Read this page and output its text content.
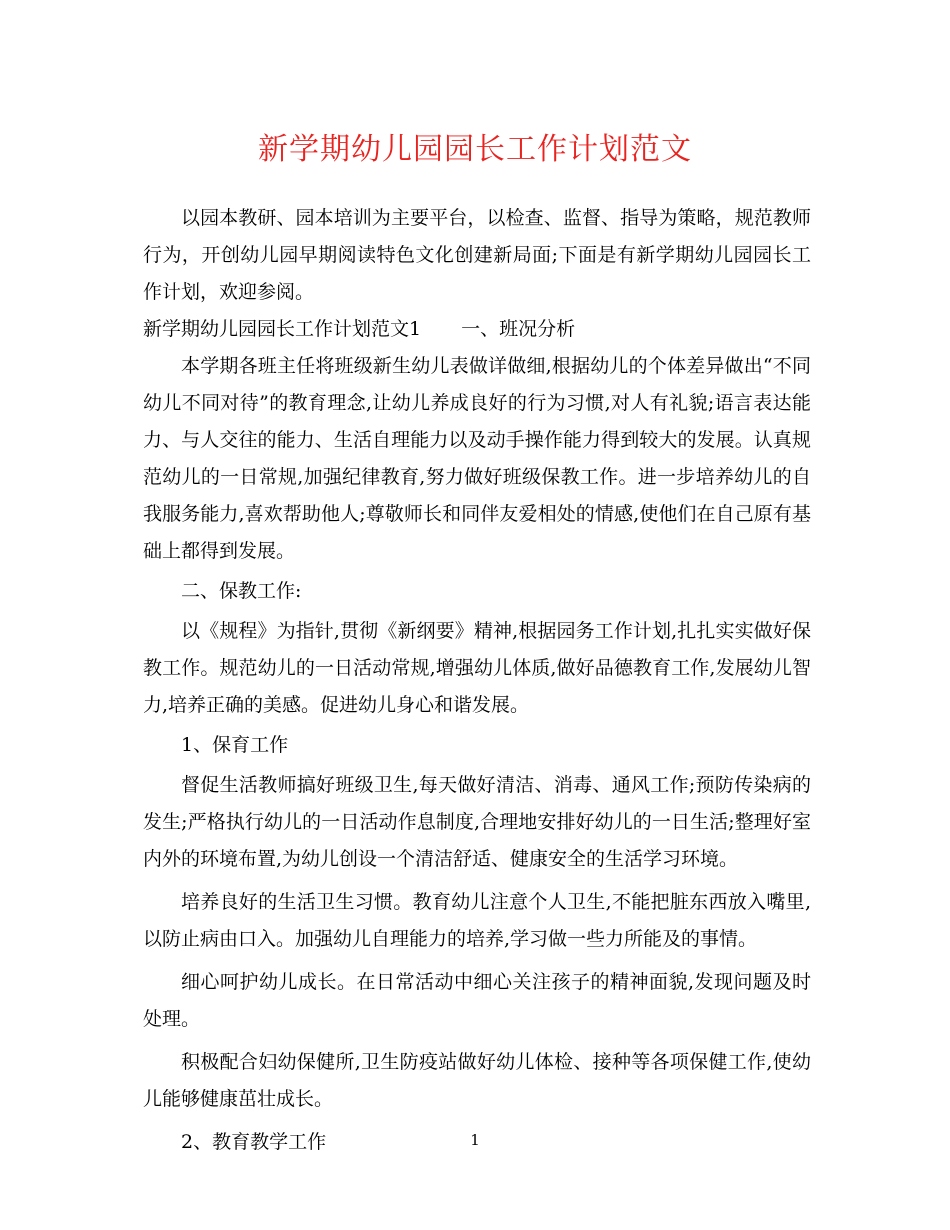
新学期幼儿园园长工作计划范文

以园本教研、园本培训为主要平台，以检查、监督、指导为策略，规范教师行为，开创幼儿园早期阅读特色文化创建新局面;下面是有新学期幼儿园园长工作计划，欢迎参阅。

新学期幼儿园园长工作计划范文1 一、班况分析

本学期各班主任将班级新生幼儿表做详做细,根据幼儿的个体差异做出“不同幼儿不同对待”的教育理念,让幼儿养成良好的行为习惯,对人有礼貌;语言表达能力、与人交往的能力、生活自理能力以及动手操作能力得到较大的发展。认真规范幼儿的一日常规,加强纪律教育,努力做好班级保教工作。进一步培养幼儿的自我服务能力,喜欢帮助他人;尊敬师长和同伴友爱相处的情感,使他们在自己原有基础上都得到发展。

二、保教工作:

以《规程》为指针,贯彻《新纲要》精神,根据园务工作计划,扎扎实实做好保教工作。规范幼儿的一日活动常规,增强幼儿体质,做好品德教育工作,发展幼儿智力,培养正确的美感。促进幼儿身心和谐发展。

1、保育工作

督促生活教师搞好班级卫生,每天做好清洁、消毒、通风工作;预防传染病的发生;严格执行幼儿的一日活动作息制度,合理地安排好幼儿的一日生活;整理好室内外的环境布置,为幼儿创设一个清洁舒适、健康安全的生活学习环境。

培养良好的生活卫生习惯。教育幼儿注意个人卫生,不能把脏东西放入嘴里,以防止病由口入。加强幼儿自理能力的培养,学习做一些力所能及的事情。

细心呵护幼儿成长。在日常活动中细心关注孩子的精神面貌,发现问题及时处理。

积极配合妇幼保健所,卫生防疫站做好幼儿体检、接种等各项保健工作,使幼儿能够健康茁壮成长。

2、教育教学工作	1
